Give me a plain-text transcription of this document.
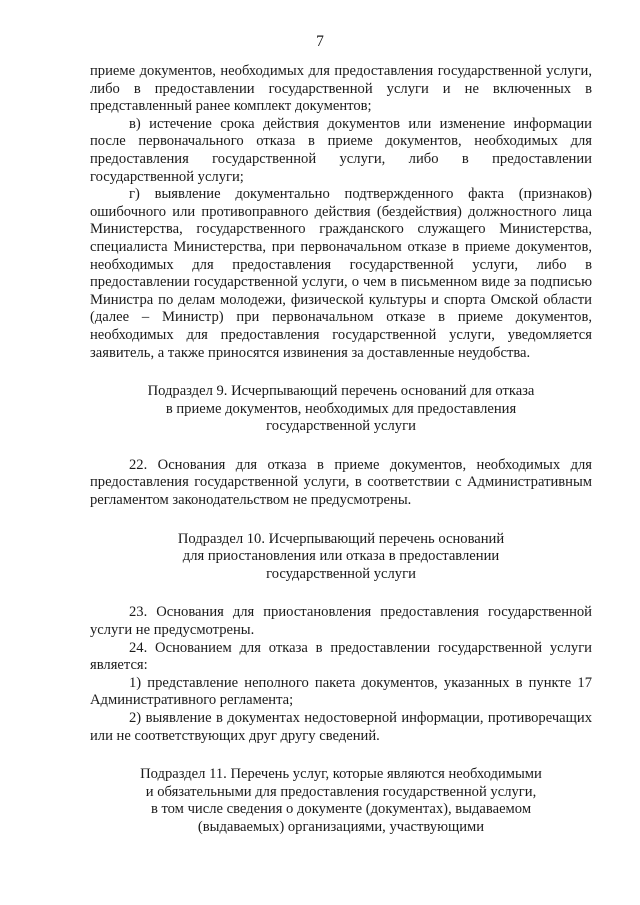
7

приеме документов, необходимых для предоставления государственной услуги, либо в предоставлении государственной услуги и не включенных в представленный ранее комплект документов;

в) истечение срока действия документов или изменение информации после первоначального отказа в приеме документов, необходимых для предоставления государственной услуги, либо в предоставлении государственной услуги;

г) выявление документально подтвержденного факта (признаков) ошибочного или противоправного действия (бездействия) должностного лица Министерства, государственного гражданского служащего Министерства, специалиста Министерства, при первоначальном отказе в приеме документов, необходимых для предоставления государственной услуги, либо в предоставлении государственной услуги, о чем в письменном виде за подписью Министра по делам молодежи, физической культуры и спорта Омской области (далее – Министр) при первоначальном отказе в приеме документов, необходимых для предоставления государственной услуги, уведомляется заявитель, а также приносятся извинения за доставленные неудобства.

Подраздел 9. Исчерпывающий перечень оснований для отказа

в приеме документов, необходимых для предоставления

государственной услуги

22. Основания для отказа в приеме документов, необходимых для предоставления государственной услуги, в соответствии с Административным регламентом законодательством не предусмотрены.

Подраздел 10. Исчерпывающий перечень оснований

для приостановления или отказа в предоставлении

государственной услуги

23. Основания для приостановления предоставления государственной услуги не предусмотрены.

24. Основанием для отказа в предоставлении государственной услуги является:

1) представление неполного пакета документов, указанных в пункте 17 Административного регламента;

2) выявление в документах недостоверной информации, противоречащих или не соответствующих друг другу сведений.

Подраздел 11. Перечень услуг, которые являются необходимыми

и обязательными для предоставления государственной услуги,

в том числе сведения о документе (документах), выдаваемом

(выдаваемых) организациями, участвующими
